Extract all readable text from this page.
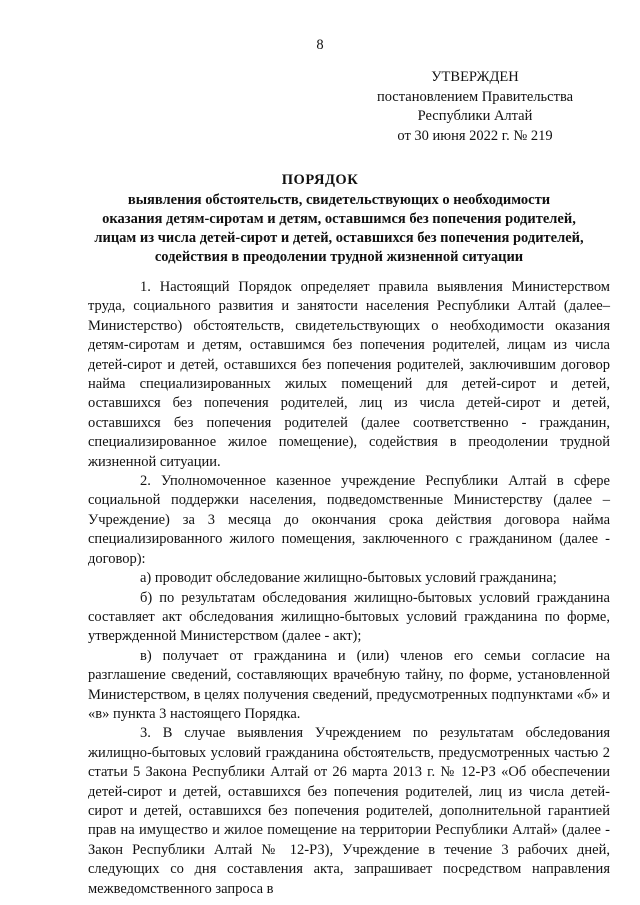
8
УТВЕРЖДЕН
постановлением Правительства
Республики Алтай
от 30 июня 2022 г. № 219
ПОРЯДОК
выявления обстоятельств, свидетельствующих о необходимости
оказания детям-сиротам и детям, оставшимся без попечения родителей,
лицам из числа детей-сирот и детей, оставшихся без попечения родителей,
содействия в преодолении трудной жизненной ситуации

1. Настоящий Порядок определяет правила выявления Министерством труда, социального развития и занятости населения Республики Алтай (далее– Министерство) обстоятельств, свидетельствующих о необходимости оказания детям-сиротам и детям, оставшимся без попечения родителей, лицам из числа детей-сирот и детей, оставшихся без попечения родителей, заключившим договор найма специализированных жилых помещений для детей-сирот и детей, оставшихся без попечения родителей, лиц из числа детей-сирот и детей, оставшихся без попечения родителей (далее соответственно - гражданин, специализированное жилое помещение), содействия в преодолении трудной жизненной ситуации.

2. Уполномоченное казенное учреждение Республики Алтай в сфере социальной поддержки населения, подведомственные Министерству (далее – Учреждение) за 3 месяца до окончания срока действия договора найма специализированного жилого помещения, заключенного с гражданином (далее - договор):

а) проводит обследование жилищно-бытовых условий гражданина;

б) по результатам обследования жилищно-бытовых условий гражданина составляет акт обследования жилищно-бытовых условий гражданина по форме, утвержденной Министерством (далее - акт);

в) получает от гражданина и (или) членов его семьи согласие на разглашение сведений, составляющих врачебную тайну, по форме, установленной Министерством, в целях получения сведений, предусмотренных подпунктами «б» и «в» пункта 3 настоящего Порядка.

3. В случае выявления Учреждением по результатам обследования жилищно-бытовых условий гражданина обстоятельств, предусмотренных частью 2 статьи 5 Закона Республики Алтай от 26 марта 2013 г. № 12-РЗ «Об обеспечении детей-сирот и детей, оставшихся без попечения родителей, лиц из числа детей-сирот и детей, оставшихся без попечения родителей, дополнительной гарантией прав на имущество и жилое помещение на территории Республики Алтай» (далее - Закон Республики Алтай № 12-РЗ), Учреждение в течение 3 рабочих дней, следующих со дня составления акта, запрашивает посредством направления межведомственного запроса в
